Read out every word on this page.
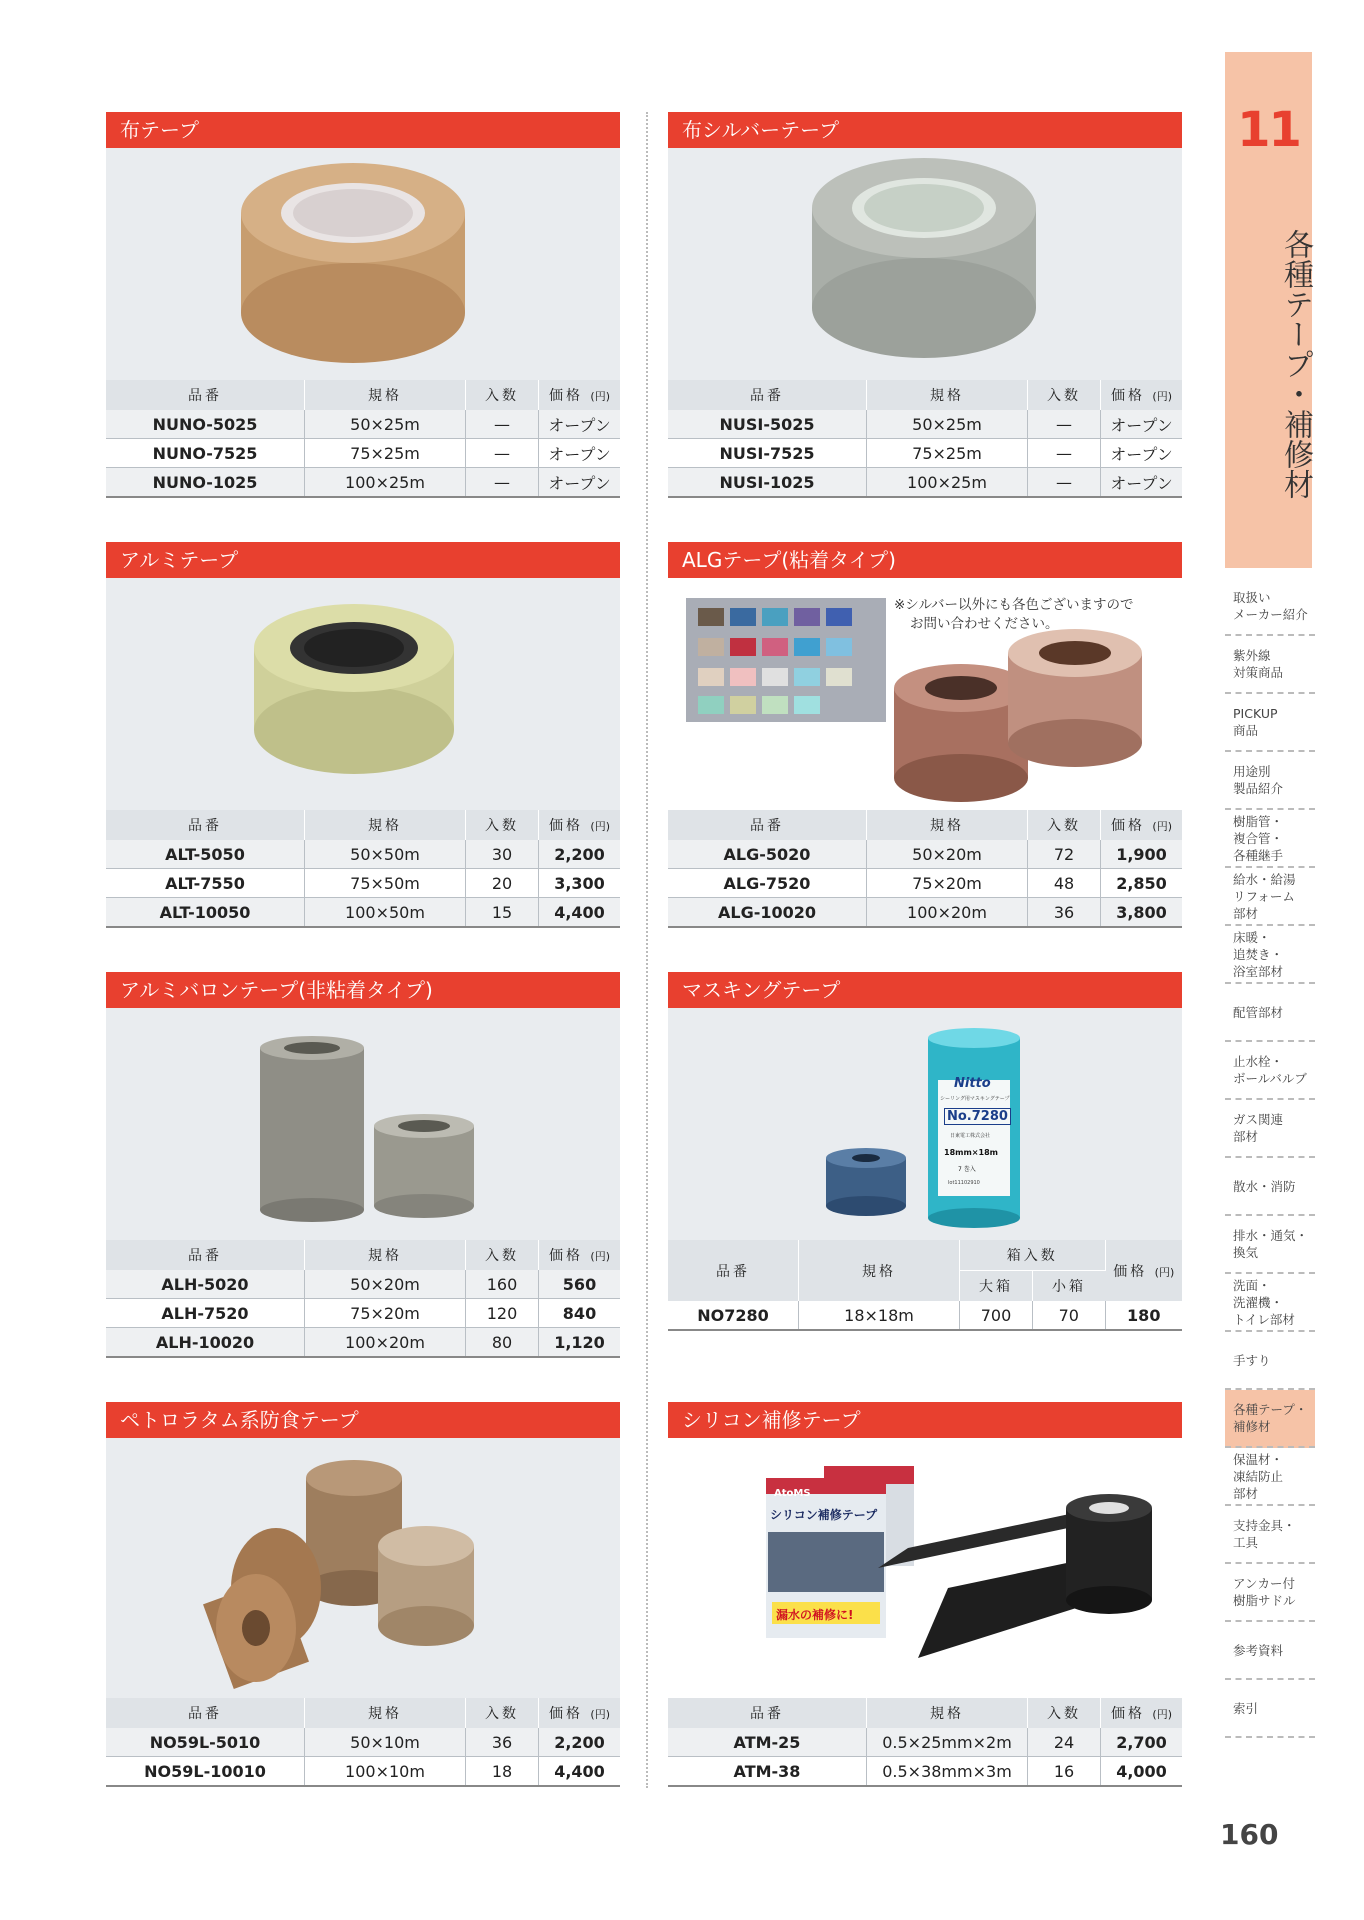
布テープ
品番	規格	入数	価格 (円)
NUNO-5025	50×25m	—	オープン
NUNO-7525	75×25m	—	オープン
NUNO-1025	100×25m	—	オープン
布シルバーテープ
品番	規格	入数	価格 (円)
NUSI-5025	50×25m	—	オープン
NUSI-7525	75×25m	—	オープン
NUSI-1025	100×25m	—	オープン
アルミテープ
品番	規格	入数	価格 (円)
ALT-5050	50×50m	30	2,200
ALT-7550	75×50m	20	3,300
ALT-10050	100×50m	15	4,400
ALGテープ(粘着タイプ)
※シルバー以外にも各色ございますので
お問い合わせください。
品番	規格	入数	価格 (円)
ALG-5020	50×20m	72	1,900
ALG-7520	75×20m	48	2,850
ALG-10020	100×20m	36	3,800
アルミバロンテープ(非粘着タイプ)
品番	規格	入数	価格 (円)
ALH-5020	50×20m	160	560
ALH-7520	75×20m	120	840
ALH-10020	100×20m	80	1,120
マスキングテープ
Nitto
シーリング用マスキングテープ
No.7280
日東電工株式会社
18mm×18m
7 巻入
lot11102910
品番	規格	箱入数		価格 (円)
		大箱	小箱	
NO7280	18×18m	700	70	180
ペトロラタム系防食テープ
品番	規格	入数	価格 (円)
NO59L-5010	50×10m	36	2,200
NO59L-10010	100×10m	18	4,400
シリコン補修テープ
AtoMS
シリコン補修テープ
漏水の補修に!
品番	規格	入数	価格 (円)
ATM-25	0.5×25mm×2m	24	2,700
ATM-38	0.5×38mm×3m	16	4,000
11
各種テープ・補修材
取扱い
メーカー紹介
紫外線
対策商品
PICKUP
商品
用途別
製品紹介
樹脂管・
複合管・
各種継手
給水・給湯
リフォーム
部材
床暖・
追焚き・
浴室部材
配管部材
止水栓・
ボールバルブ
ガス関連
部材
散水・消防
排水・通気・
換気
洗面・
洗濯機・
トイレ部材
手すり
各種テープ・
補修材
保温材・
凍結防止
部材
支持金具・
工具
アンカー付
樹脂サドル
参考資料
索引
160
